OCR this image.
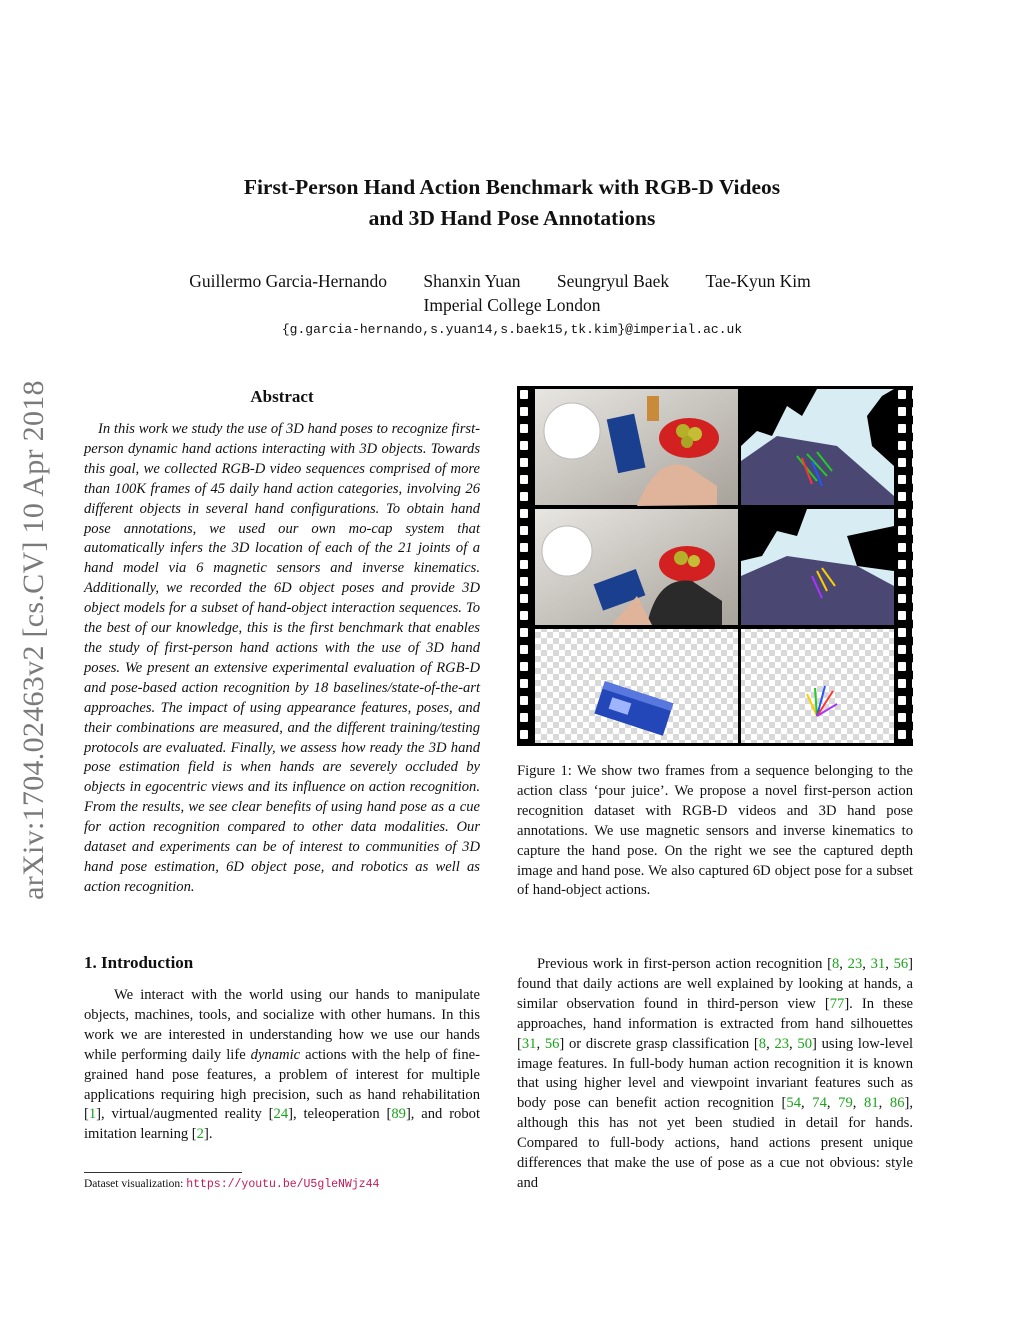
arXiv:1704.02463v2 [cs.CV] 10 Apr 2018
First-Person Hand Action Benchmark with RGB-D Videos
and 3D Hand Pose Annotations
Guillermo Garcia-Hernando Shanxin Yuan Seungryul Baek Tae-Kyun Kim
Imperial College London
{g.garcia-hernando,s.yuan14,s.baek15,tk.kim}@imperial.ac.uk
Abstract
In this work we study the use of 3D hand poses to recognize first-person dynamic hand actions interacting with 3D objects. Towards this goal, we collected RGB-D video sequences comprised of more than 100K frames of 45 daily hand action categories, involving 26 different objects in several hand configurations. To obtain hand pose annotations, we used our own mo-cap system that automatically infers the 3D location of each of the 21 joints of a hand model via 6 magnetic sensors and inverse kinematics. Additionally, we recorded the 6D object poses and provide 3D object models for a subset of hand-object interaction sequences. To the best of our knowledge, this is the first benchmark that enables the study of first-person hand actions with the use of 3D hand poses. We present an extensive experimental evaluation of RGB-D and pose-based action recognition by 18 baselines/state-of-the-art approaches. The impact of using appearance features, poses, and their combinations are measured, and the different training/testing protocols are evaluated. Finally, we assess how ready the 3D hand pose estimation field is when hands are severely occluded by objects in egocentric views and its influence on action recognition. From the results, we see clear benefits of using hand pose as a cue for action recognition compared to other data modalities. Our dataset and experiments can be of interest to communities of 3D hand pose estimation, 6D object pose, and robotics as well as action recognition.
1. Introduction
We interact with the world using our hands to manipulate objects, machines, tools, and socialize with other humans. In this work we are interested in understanding how we use our hands while performing daily life dynamic actions with the help of fine-grained hand pose features, a problem of interest for multiple applications requiring high precision, such as hand rehabilitation [1], virtual/augmented reality [24], teleoperation [89], and robot imitation learning [2].
Dataset visualization: https://youtu.be/U5gleNWjz44
Figure 1: We show two frames from a sequence belonging to the action class ‘pour juice’. We propose a novel first-person action recognition dataset with RGB-D videos and 3D hand pose annotations. We use magnetic sensors and inverse kinematics to capture the hand pose. On the right we see the captured depth image and hand pose. We also captured 6D object pose for a subset of hand-object actions.
Previous work in first-person action recognition [8, 23, 31, 56] found that daily actions are well explained by looking at hands, a similar observation found in third-person view [77]. In these approaches, hand information is extracted from hand silhouettes [31, 56] or discrete grasp classification [8, 23, 50] using low-level image features. In full-body human action recognition it is known that using higher level and viewpoint invariant features such as body pose can benefit action recognition [54, 74, 79, 81, 86], although this has not yet been studied in detail for hands. Compared to full-body actions, hand actions present unique differences that make the use of pose as a cue not obvious: style and
